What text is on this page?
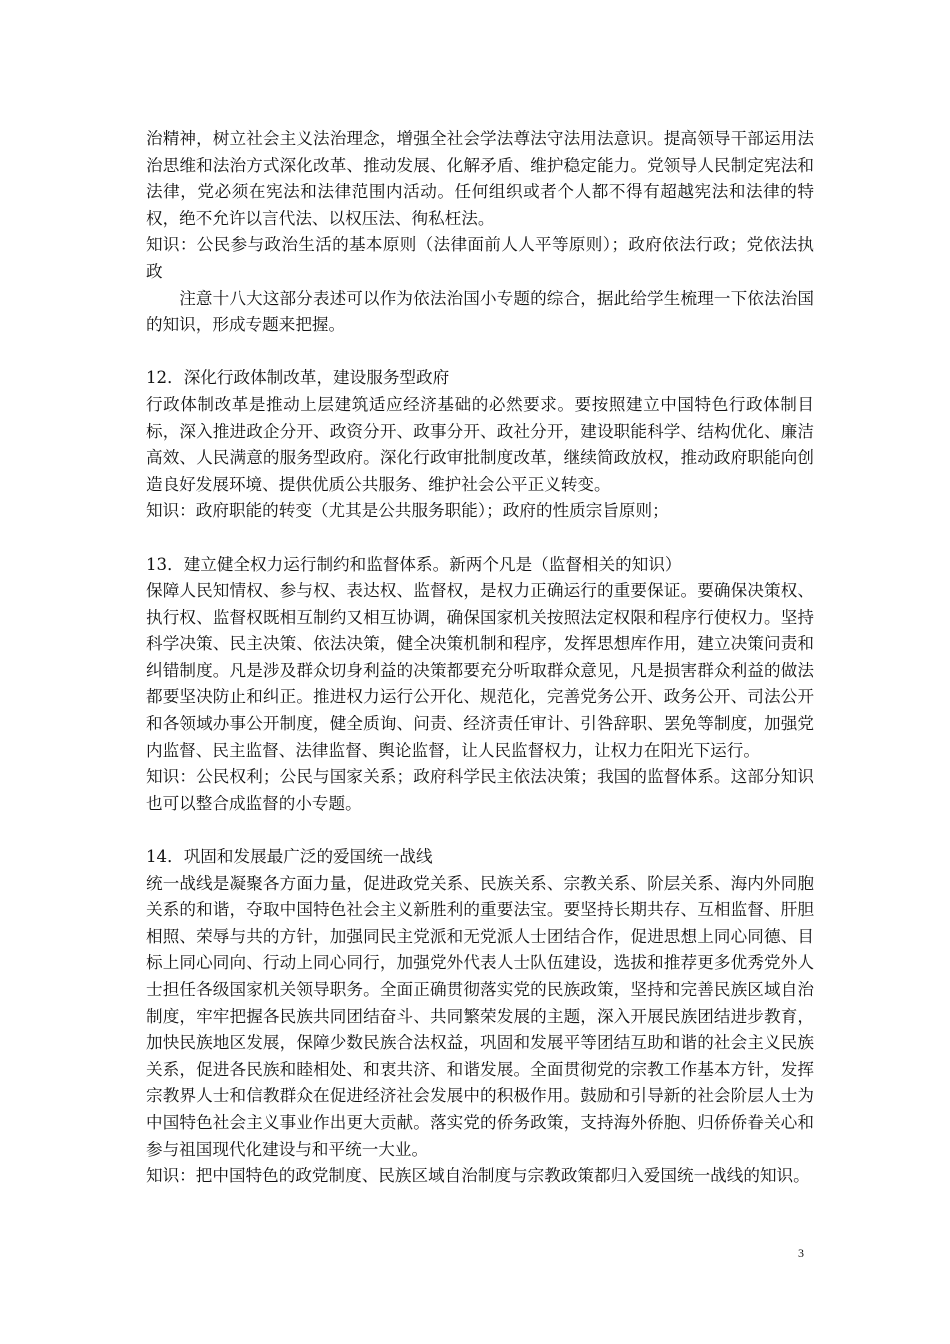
治精神，树立社会主义法治理念，增强全社会学法尊法守法用法意识。提高领导干部运用法治思维和法治方式深化改革、推动发展、化解矛盾、维护稳定能力。党领导人民制定宪法和法律，党必须在宪法和法律范围内活动。任何组织或者个人都不得有超越宪法和法律的特权，绝不允许以言代法、以权压法、徇私枉法。

知识：公民参与政治生活的基本原则（法律面前人人平等原则）；政府依法行政；党依法执政

注意十八大这部分表述可以作为依法治国小专题的综合，据此给学生梳理一下依法治国的知识，形成专题来把握。

12．深化行政体制改革，建设服务型政府

行政体制改革是推动上层建筑适应经济基础的必然要求。要按照建立中国特色行政体制目标，深入推进政企分开、政资分开、政事分开、政社分开，建设职能科学、结构优化、廉洁高效、人民满意的服务型政府。深化行政审批制度改革，继续简政放权，推动政府职能向创造良好发展环境、提供优质公共服务、维护社会公平正义转变。

知识：政府职能的转变（尤其是公共服务职能）；政府的性质宗旨原则；

13．建立健全权力运行制约和监督体系。新两个凡是（监督相关的知识）

保障人民知情权、参与权、表达权、监督权，是权力正确运行的重要保证。要确保决策权、执行权、监督权既相互制约又相互协调，确保国家机关按照法定权限和程序行使权力。坚持科学决策、民主决策、依法决策，健全决策机制和程序，发挥思想库作用，建立决策问责和纠错制度。凡是涉及群众切身利益的决策都要充分听取群众意见，凡是损害群众利益的做法都要坚决防止和纠正。推进权力运行公开化、规范化，完善党务公开、政务公开、司法公开和各领域办事公开制度，健全质询、问责、经济责任审计、引咎辞职、罢免等制度，加强党内监督、民主监督、法律监督、舆论监督，让人民监督权力，让权力在阳光下运行。

知识：公民权利；公民与国家关系；政府科学民主依法决策；我国的监督体系。这部分知识也可以整合成监督的小专题。

14．巩固和发展最广泛的爱国统一战线

统一战线是凝聚各方面力量，促进政党关系、民族关系、宗教关系、阶层关系、海内外同胞关系的和谐，夺取中国特色社会主义新胜利的重要法宝。要坚持长期共存、互相监督、肝胆相照、荣辱与共的方针，加强同民主党派和无党派人士团结合作，促进思想上同心同德、目标上同心同向、行动上同心同行，加强党外代表人士队伍建设，选拔和推荐更多优秀党外人士担任各级国家机关领导职务。全面正确贯彻落实党的民族政策，坚持和完善民族区域自治制度，牢牢把握各民族共同团结奋斗、共同繁荣发展的主题，深入开展民族团结进步教育，加快民族地区发展，保障少数民族合法权益，巩固和发展平等团结互助和谐的社会主义民族关系，促进各民族和睦相处、和衷共济、和谐发展。全面贯彻党的宗教工作基本方针，发挥宗教界人士和信教群众在促进经济社会发展中的积极作用。鼓励和引导新的社会阶层人士为中国特色社会主义事业作出更大贡献。落实党的侨务政策，支持海外侨胞、归侨侨眷关心和参与祖国现代化建设与和平统一大业。

知识：把中国特色的政党制度、民族区域自治制度与宗教政策都归入爱国统一战线的知识。

3
